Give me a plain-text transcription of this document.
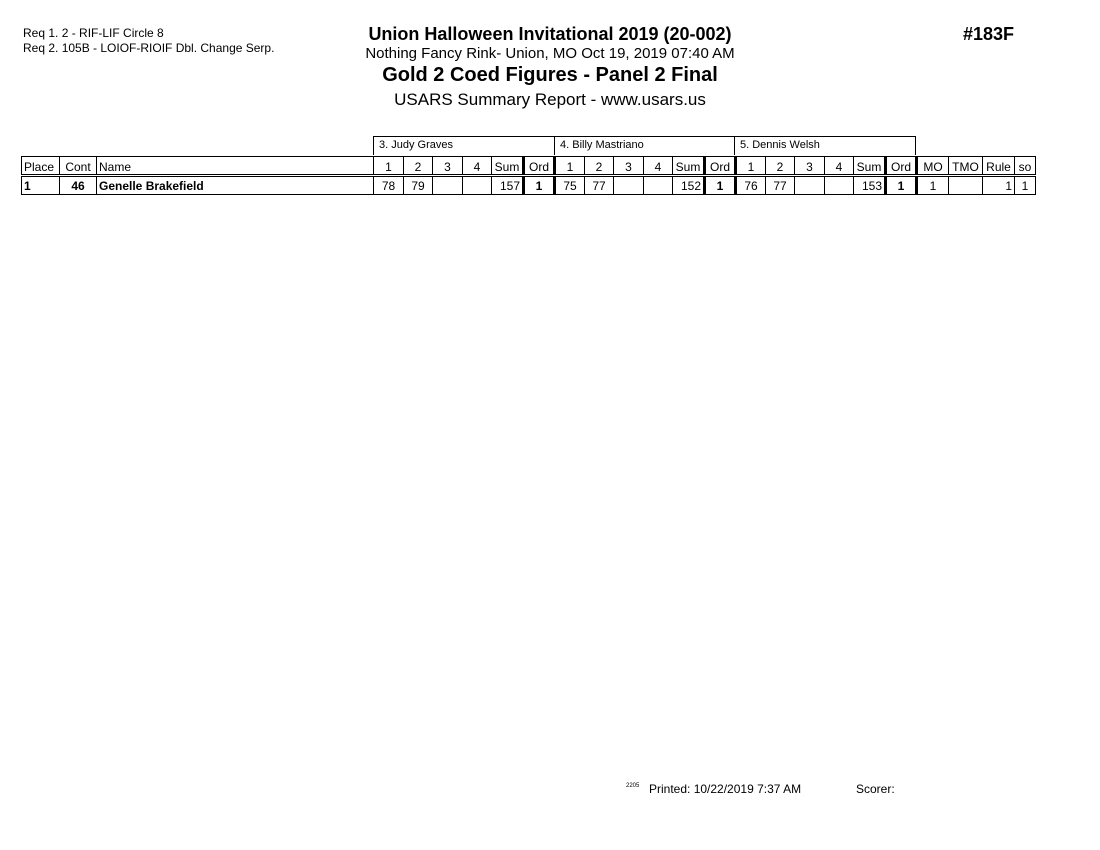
Req 1. 2 - RIF-LIF Circle 8
Req 2. 105B - LOIOF-RIOIF Dbl. Change Serp.
Union Halloween Invitational 2019 (20-002)
Nothing Fancy Rink- Union, MO Oct 19, 2019 07:40 AM
Gold 2 Coed Figures - Panel 2 Final
USARS Summary Report - www.usars.us
#183F
3. Judy Graves	4. Billy Mastriano	5. Dennis Welsh
Place	Cont	Name	1	2	3	4	Sum	Ord	1	2	3	4	Sum	Ord	1	2	3	4	Sum	Ord	MO	TMO	Rule	so
1	46	Genelle Brakefield	78	79			157	1	75	77			152	1	76	77			153	1	1		1	1
2205 Printed: 10/22/2019 7:37 AM	Scorer:
